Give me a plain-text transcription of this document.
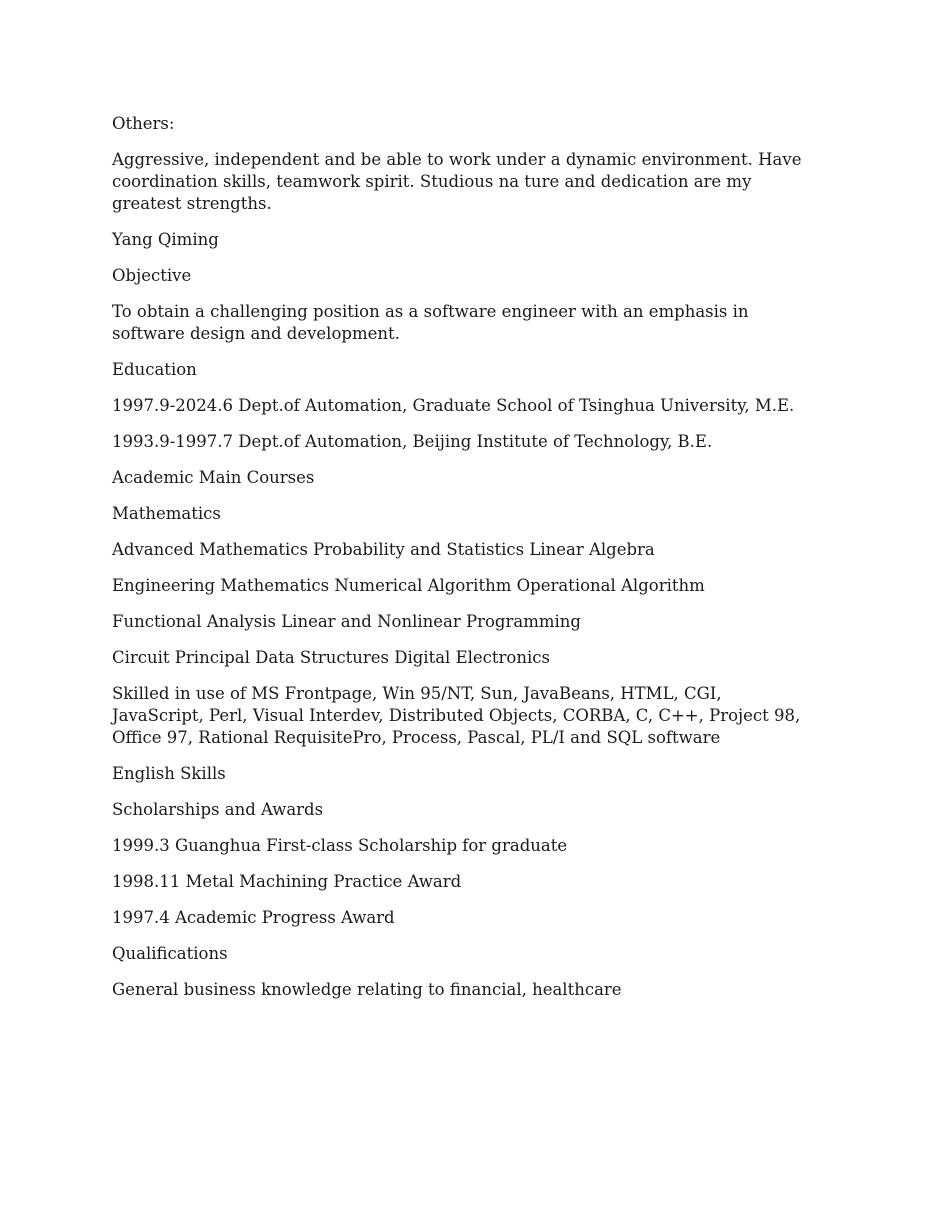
Others:

Aggressive, independent and be able to work under a dynamic environment. Have coordination skills, teamwork spirit. Studious na ture and dedication are my greatest strengths.

Yang Qiming

Objective

To obtain a challenging position as a software engineer with an emphasis in software design and development.

Education

1997.9-2024.6 Dept.of Automation, Graduate School of Tsinghua University, M.E.

1993.9-1997.7 Dept.of Automation, Beijing Institute of Technology, B.E.

Academic Main Courses

Mathematics

Advanced Mathematics Probability and Statistics Linear Algebra

Engineering Mathematics Numerical Algorithm Operational Algorithm

Functional Analysis Linear and Nonlinear Programming

Circuit Principal Data Structures Digital Electronics

Skilled in use of MS Frontpage, Win 95/NT, Sun, JavaBeans, HTML, CGI, JavaScript, Perl, Visual Interdev, Distributed Objects, CORBA, C, C++, Project 98, Office 97, Rational RequisitePro, Process, Pascal, PL/I and SQL software

English Skills

Scholarships and Awards

1999.3 Guanghua First-class Scholarship for graduate

1998.11 Metal Machining Practice Award

1997.4 Academic Progress Award

Qualifications

General business knowledge relating to financial, healthcare
